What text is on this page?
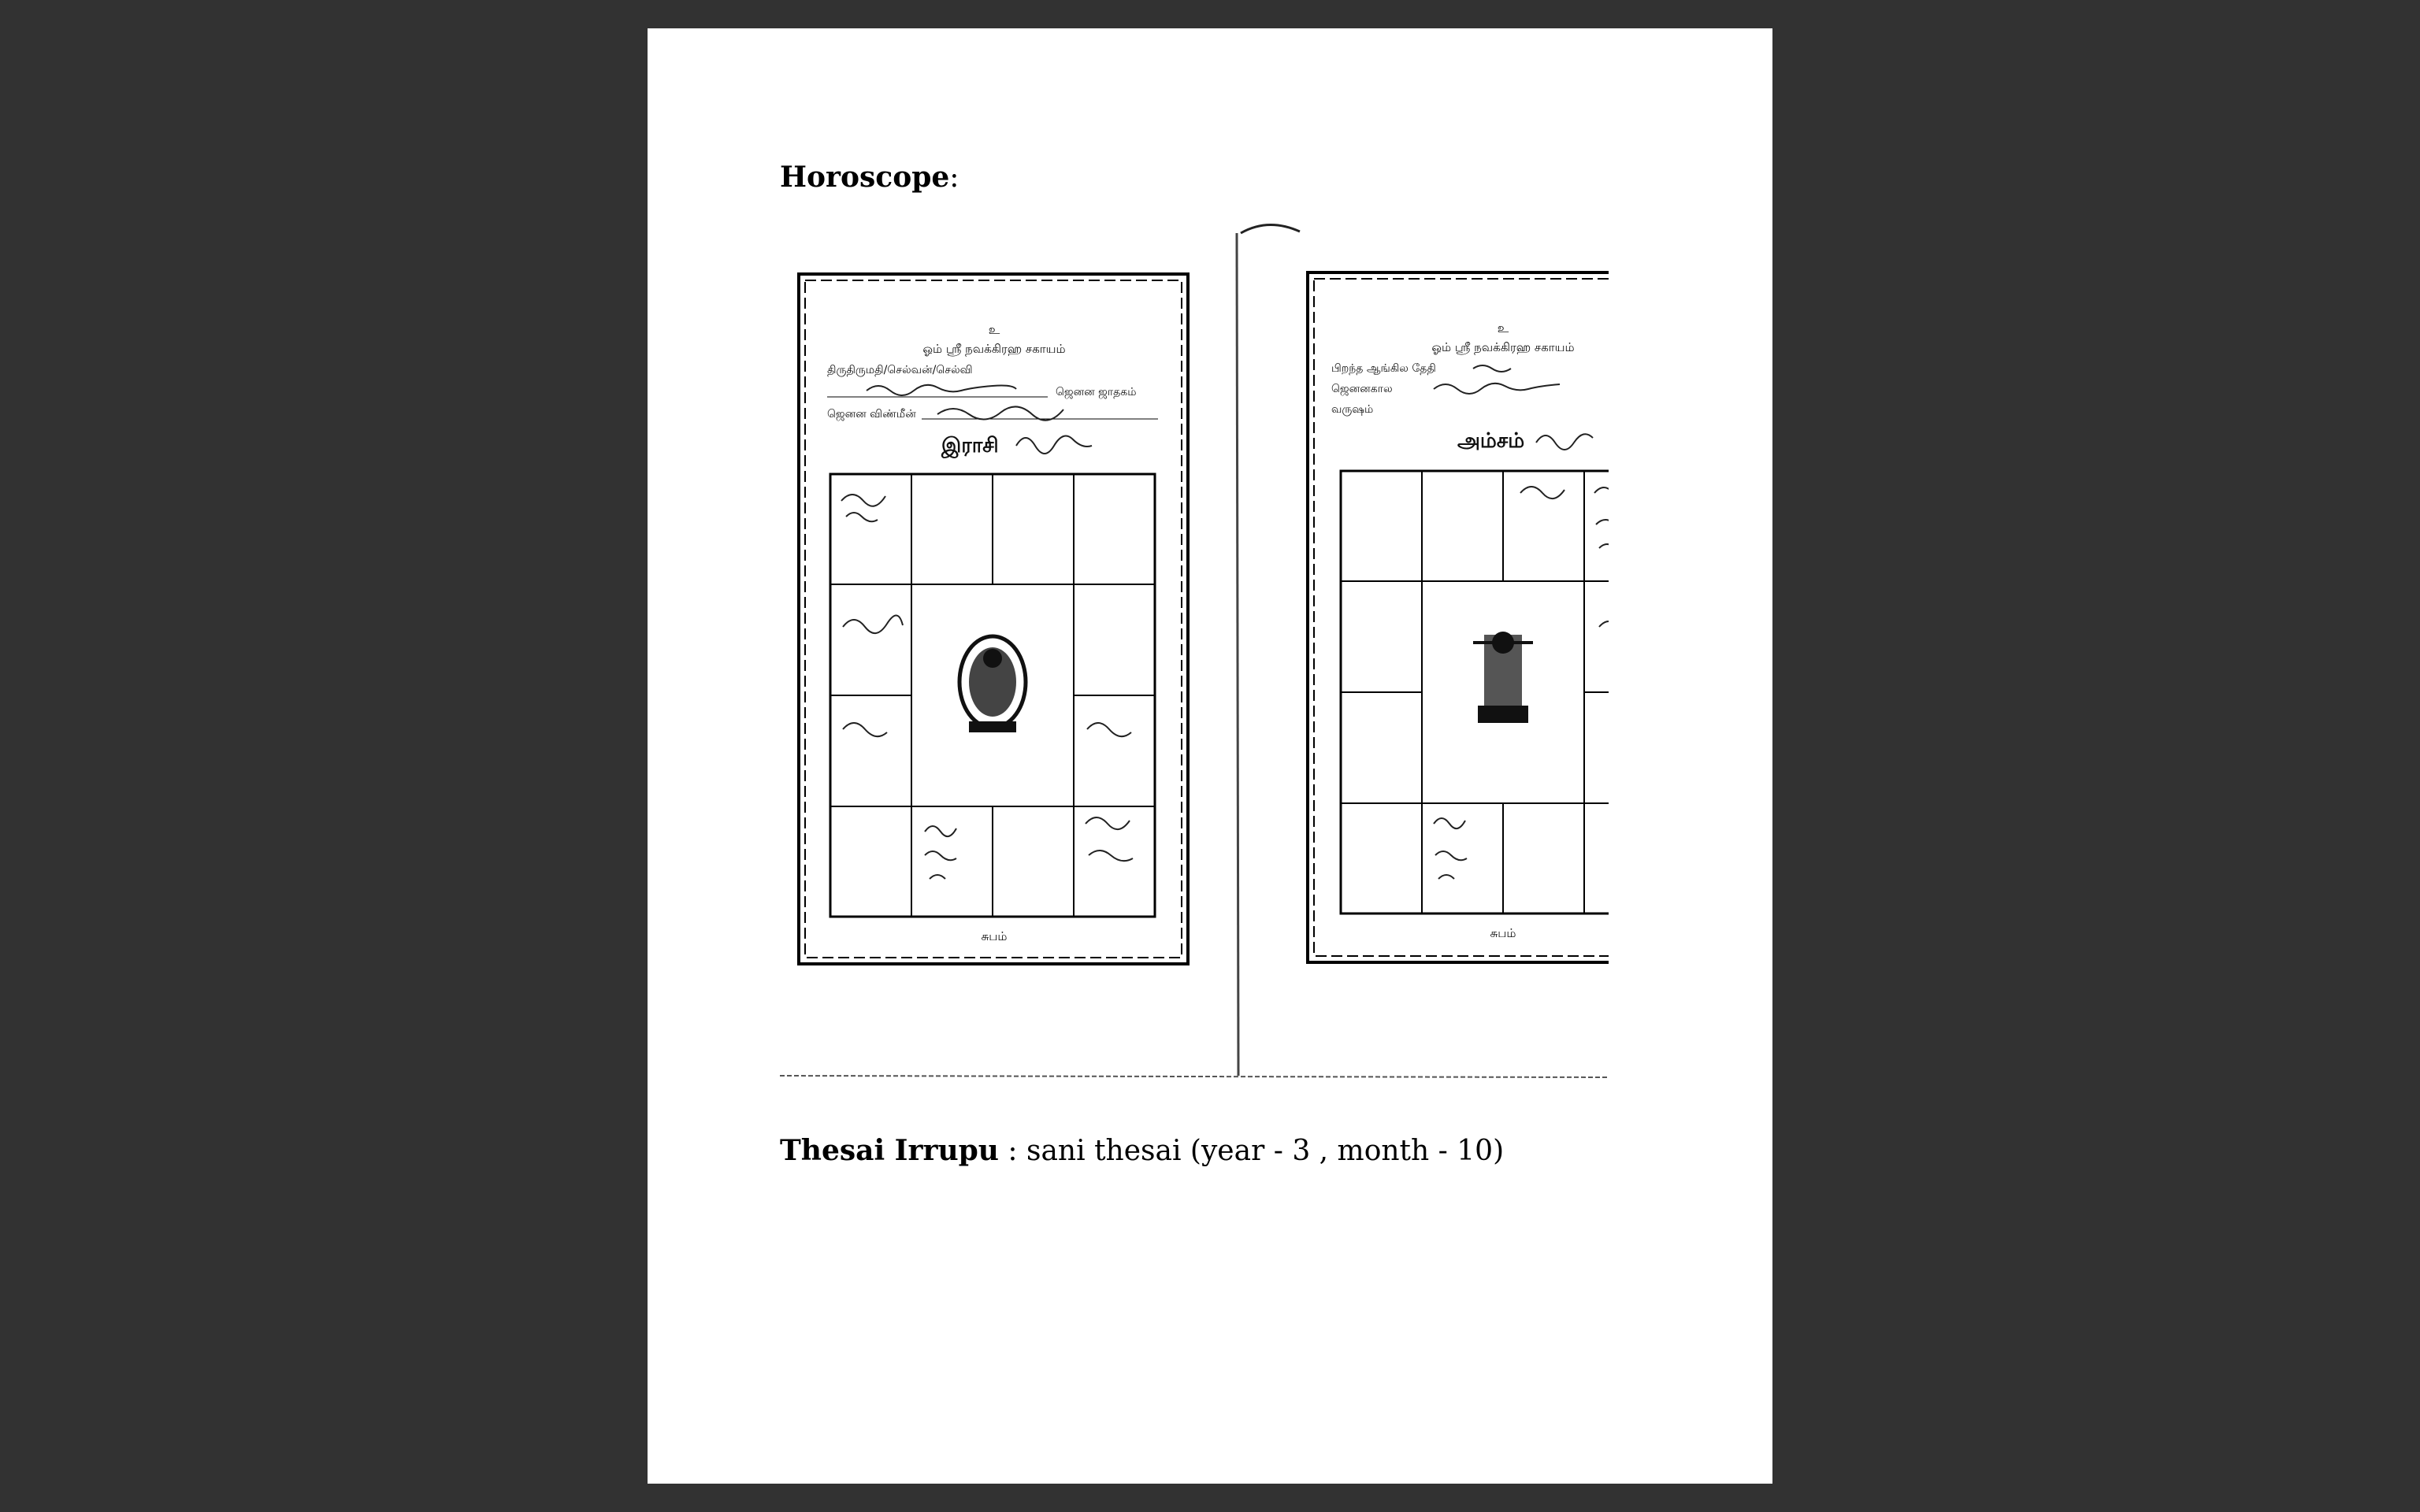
Horoscope:
உ
ஓம் ஸ்ரீ நவக்கிரஹ சகாயம்
திருதிருமதி/செல்வன்/செல்வி
ஜெனன ஜாதகம்
ஜெனன விண்மீன்
இராசி
சுபம்
உ
ஓம் ஸ்ரீ நவக்கிரஹ சகாயம்
பிறந்த ஆங்கில தேதி
ஜெனனகால
வருஷம்
அம்சம்
சுபம்
Thesai Irrupu : sani thesai (year - 3 , month - 10)
